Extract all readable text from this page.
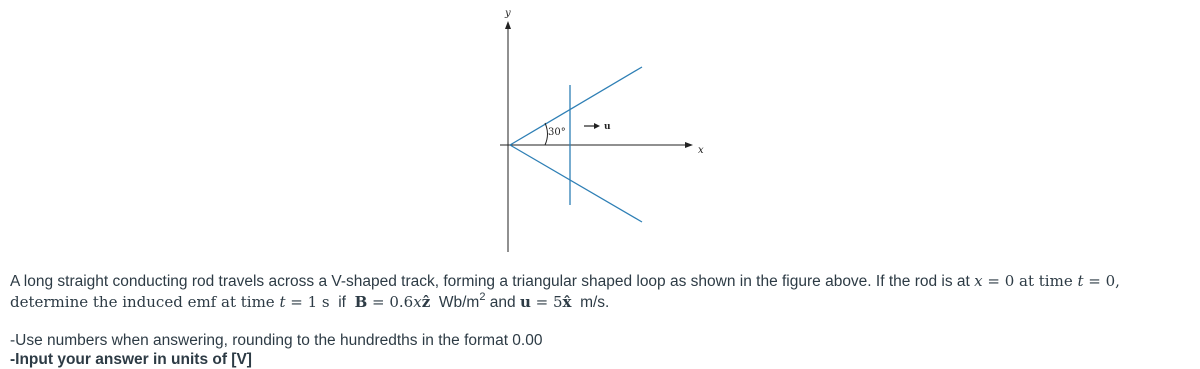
y
x
30°	u

A long straight conducting rod travels across a V-shaped track, forming a triangular shaped loop as shown in the figure above. If the rod is at x = 0 at time t = 0, determine the induced emf at time t = 1 s  if  B = 0.6xẑ  $Wb/m^2$ and u = 5x̂  m/s.

-Use numbers when answering, rounding to the hundredths in the format 0.00
-Input your answer in units of [V]
